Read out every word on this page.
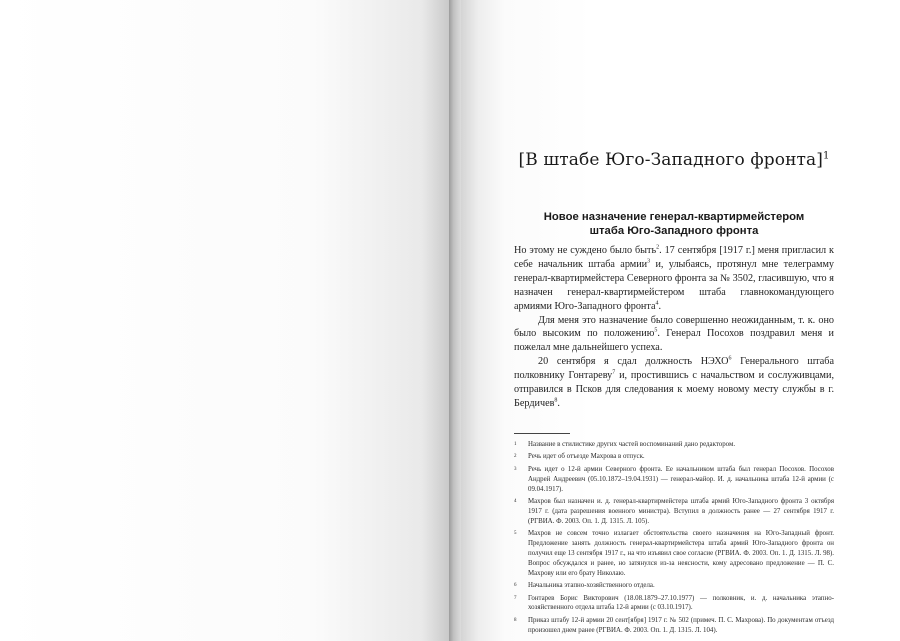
[В штабе Юго-Западного фронта]$^1$
Новое назначение генерал-квартирмейстером
штаба Юго-Западного фронта

Но этому не суждено было быть$^2$. 17 сентября [1917 г.] меня пригласил к себе начальник штаба армии$^3$ и, улыбаясь, протянул мне телеграмму генерал-квартирмейстера Северного фронта за № 3502, гласившую, что я назначен генерал-квартирмейстером штаба главнокомандующего армиями Юго-Западного фронта$^4$.

Для меня это назначение было совершенно неожиданным, т. к. оно было высоким по положению$^5$. Генерал Посохов поздравил меня и пожелал мне дальнейшего успеха.

20 сентября я сдал должность НЭХО$^6$ Генерального штаба полковнику Гонтареву$^7$ и, простившись с начальством и сослуживцами, отправился в Псков для следования к моему новому месту службы в г. Бердичев$^8$.

1	Название в стилистике других частей воспоминаний дано редактором.
2	Речь идет об отъезде Махрова в отпуск.
3	Речь идет о 12-й армии Северного фронта. Ее начальником штаба был генерал Посохов. Посохов Андрей Андреевич (05.10.1872–19.04.1931) — генерал-майор. И. д. начальника штаба 12-й армии (с 09.04.1917).
4	Махров был назначен и. д. генерал-квартирмейстера штаба армий Юго-Западного фронта 3 октября 1917 г. (дата разрешения военного министра). Вступил в должность ранее — 27 сентября 1917 г. (РГВИА. Ф. 2003. Оп. 1. Д. 1315. Л. 105).
5	Махров не совсем точно излагает обстоятельства своего назначения на Юго-Западный фронт. Предложение занять должность генерал-квартирмейстера штаба армий Юго-Западного фронта он получил еще 13 сентября 1917 г., на что изъявил свое согласие (РГВИА. Ф. 2003. Оп. 1. Д. 1315. Л. 98). Вопрос обсуждался и ранее, но затянулся из-за неясности, кому адресовано предложение — П. С. Махрову или его брату Николаю.
6	Начальника этапно-хозяйственного отдела.
7	Гонтарев Борис Викторович (18.08.1879–27.10.1977) — полковник, и. д. начальника этапно-хозяйственного отдела штаба 12-й армии (с 03.10.1917).
8	Приказ штабу 12-й армии 20 сент[ября] 1917 г. № 502 (примеч. П. С. Махрова). По документам отъезд произошел днем ранее (РГВИА. Ф. 2003. Оп. 1. Д. 1315. Л. 104).
